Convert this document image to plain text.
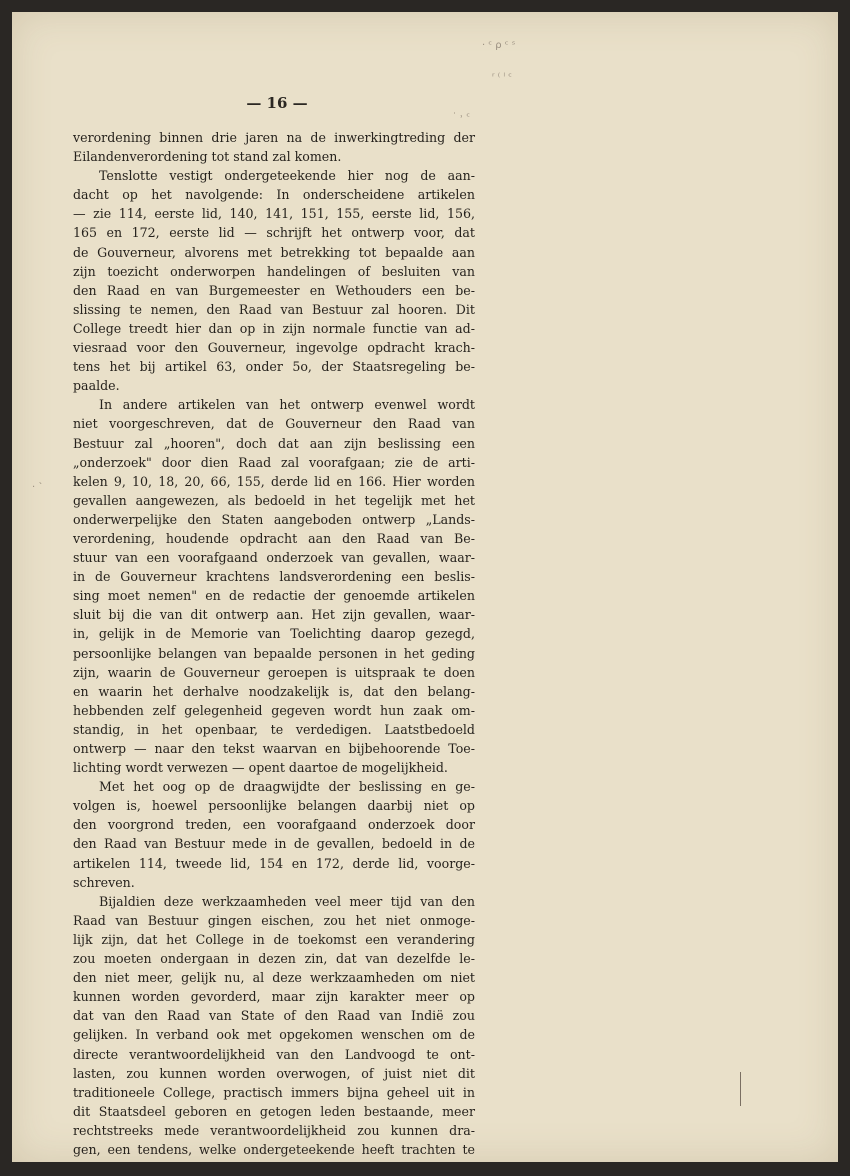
— 16 —
verordening binnen drie jaren na de inwerkingtreding der
Eilandenverordening tot stand zal komen.
Tenslotte vestigt ondergeteekende hier nog de aan-
dacht op het navolgende: In onderscheidene artikelen
— zie 114, eerste lid, 140, 141, 151, 155, eerste lid, 156,
165 en 172, eerste lid — schrijft het ontwerp voor, dat
de Gouverneur, alvorens met betrekking tot bepaalde aan
zijn toezicht onderworpen handelingen of besluiten van
den Raad en van Burgemeester en Wethouders een be-
slissing te nemen, den Raad van Bestuur zal hooren. Dit
College treedt hier dan op in zijn normale functie van ad-
viesraad voor den Gouverneur, ingevolge opdracht krach-
tens het bij artikel 63, onder 5o, der Staatsregeling be-
paalde.
In andere artikelen van het ontwerp evenwel wordt
niet voorgeschreven, dat de Gouverneur den Raad van
Bestuur zal „hooren", doch dat aan zijn beslissing een
„onderzoek" door dien Raad zal voorafgaan; zie de arti-
kelen 9, 10, 18, 20, 66, 155, derde lid en 166. Hier worden
gevallen aangewezen, als bedoeld in het tegelijk met het
onderwerpelijke den Staten aangeboden ontwerp „Lands-
verordening, houdende opdracht aan den Raad van Be-
stuur van een voorafgaand onderzoek van gevallen, waar-
in de Gouverneur krachtens landsverordening een beslis-
sing moet nemen" en de redactie der genoemde artikelen
sluit bij die van dit ontwerp aan. Het zijn gevallen, waar-
in, gelijk in de Memorie van Toelichting daarop gezegd,
persoonlijke belangen van bepaalde personen in het geding
zijn, waarin de Gouverneur geroepen is uitspraak te doen
en waarin het derhalve noodzakelijk is, dat den belang-
hebbenden zelf gelegenheid gegeven wordt hun zaak om-
standig, in het openbaar, te verdedigen. Laatstbedoeld
ontwerp — naar den tekst waarvan en bijbehoorende Toe-
lichting wordt verwezen — opent daartoe de mogelijkheid.
Met het oog op de draagwijdte der beslissing en ge-
volgen is, hoewel persoonlijke belangen daarbij niet op
den voorgrond treden, een voorafgaand onderzoek door
den Raad van Bestuur mede in de gevallen, bedoeld in de
artikelen 114, tweede lid, 154 en 172, derde lid, voorge-
schreven.
Bijaldien deze werkzaamheden veel meer tijd van den
Raad van Bestuur gingen eischen, zou het niet onmoge-
lijk zijn, dat het College in de toekomst een verandering
zou moeten ondergaan in dezen zin, dat van dezelfde le-
den niet meer, gelijk nu, al deze werkzaamheden om niet
kunnen worden gevorderd, maar zijn karakter meer op
dat van den Raad van State of den Raad van Indië zou
gelijken. In verband ook met opgekomen wenschen om de
directe verantwoordelijkheid van den Landvoogd te ont-
lasten, zou kunnen worden overwogen, of juist niet dit
traditioneele College, practisch immers bijna geheel uit in
dit Staatsdeel geboren en getogen leden bestaande, meer
rechtstreeks mede verantwoordelijkheid zou kunnen dra-
gen, een tendens, welke ondergeteekende heeft trachten te
· ᶜ ρ ᶜ ˢ
ʳ ⁽ ˡ ᶜ
˙ ˒ ᶜ
· ˋ
